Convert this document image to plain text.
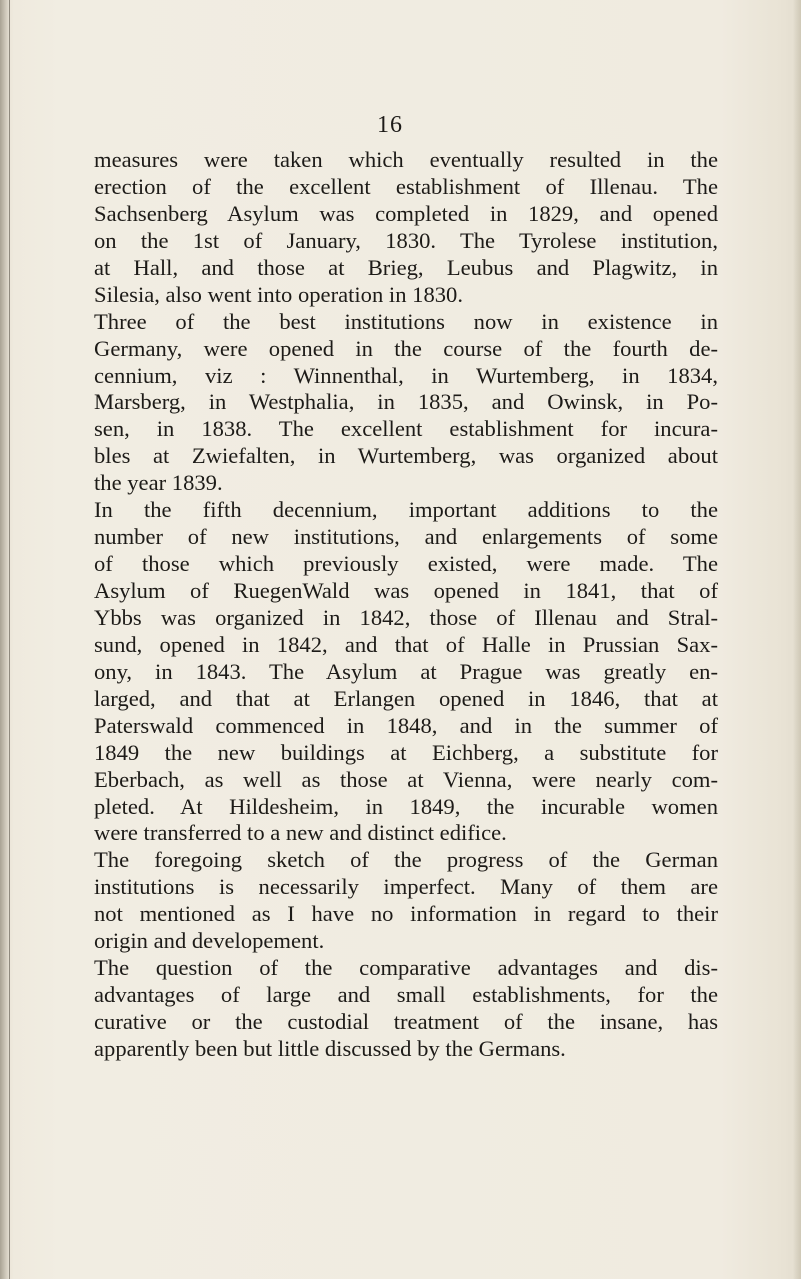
16
measures were taken which eventually resulted in the
erection of the excellent establishment of Illenau. The
Sachsenberg Asylum was completed in 1829, and opened
on the 1st of January, 1830. The Tyrolese institution,
at Hall, and those at Brieg, Leubus and Plagwitz, in
Silesia, also went into operation in 1830.
Three of the best institutions now in existence in
Germany, were opened in the course of the fourth de-
cennium, viz : Winnenthal, in Wurtemberg, in 1834,
Marsberg, in Westphalia, in 1835, and Owinsk, in Po-
sen, in 1838. The excellent establishment for incura-
bles at Zwiefalten, in Wurtemberg, was organized about
the year 1839.
In the fifth decennium, important additions to the
number of new institutions, and enlargements of some
of those which previously existed, were made. The
Asylum of RuegenWald was opened in 1841, that of
Ybbs was organized in 1842, those of Illenau and Stral-
sund, opened in 1842, and that of Halle in Prussian Sax-
ony, in 1843. The Asylum at Prague was greatly en-
larged, and that at Erlangen opened in 1846, that at
Paterswald commenced in 1848, and in the summer of
1849 the new buildings at Eichberg, a substitute for
Eberbach, as well as those at Vienna, were nearly com-
pleted. At Hildesheim, in 1849, the incurable women
were transferred to a new and distinct edifice.
The foregoing sketch of the progress of the German
institutions is necessarily imperfect. Many of them are
not mentioned as I have no information in regard to their
origin and developement.
The question of the comparative advantages and dis-
advantages of large and small establishments, for the
curative or the custodial treatment of the insane, has
apparently been but little discussed by the Germans.
